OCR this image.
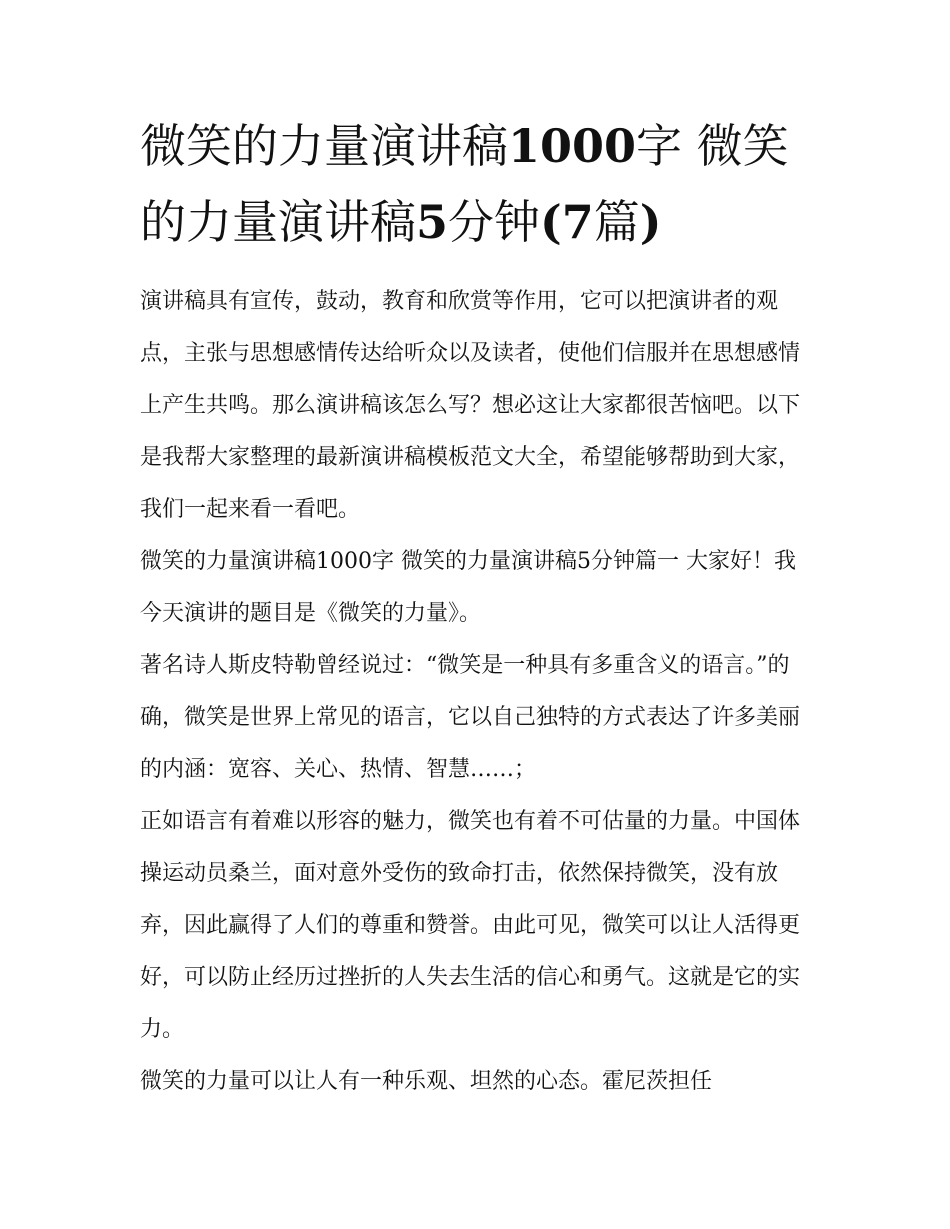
微笑的力量演讲稿1000字 微笑的力量演讲稿5分钟(7篇)

演讲稿具有宣传，鼓动，教育和欣赏等作用，它可以把演讲者的观点，主张与思想感情传达给听众以及读者，使他们信服并在思想感情上产生共鸣。那么演讲稿该怎么写？想必这让大家都很苦恼吧。以下是我帮大家整理的最新演讲稿模板范文大全，希望能够帮助到大家，我们一起来看一看吧。

微笑的力量演讲稿1000字 微笑的力量演讲稿5分钟篇一 大家好！我今天演讲的题目是《微笑的力量》。

著名诗人斯皮特勒曾经说过：“微笑是一种具有多重含义的语言。”的确，微笑是世界上常见的语言，它以自己独特的方式表达了许多美丽的内涵：宽容、关心、热情、智慧……；

正如语言有着难以形容的魅力，微笑也有着不可估量的力量。中国体操运动员桑兰，面对意外受伤的致命打击，依然保持微笑，没有放弃，因此赢得了人们的尊重和赞誉。由此可见，微笑可以让人活得更好，可以防止经历过挫折的人失去生活的信心和勇气。这就是它的实力。

微笑的力量可以让人有一种乐观、坦然的心态。霍尼茨担任
